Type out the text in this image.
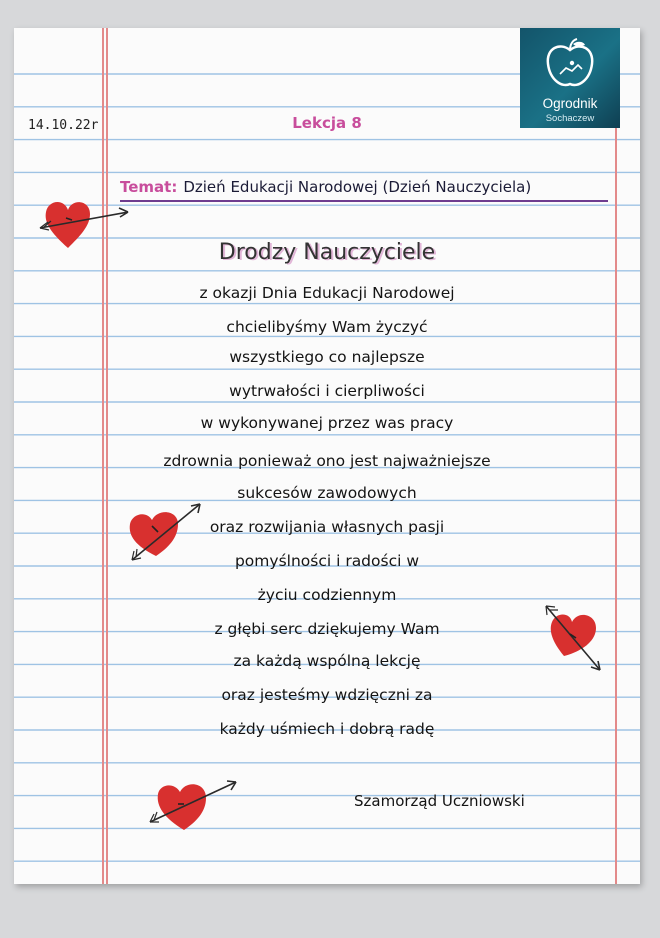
Ogrodnik
Sochaczew
14.10.22r	Lekcja 8
Temat: Dzień Edukacji Narodowej (Dzień Nauczyciela)
Drodzy Nauczyciele
z okazji Dnia Edukacji Narodowej
chcielibyśmy Wam życzyć
wszystkiego co najlepsze
wytrwałości i cierpliwości
w wykonywanej przez was pracy
zdrownia ponieważ ono jest najważniejsze
sukcesów zawodowych
oraz rozwijania własnych pasji
pomyślności i radości w
życiu codziennym
z głębi serc dziękujemy Wam
za każdą wspólną lekcję
oraz jesteśmy wdzięczni za
każdy uśmiech i dobrą radę
Szamorząd Uczniowski
